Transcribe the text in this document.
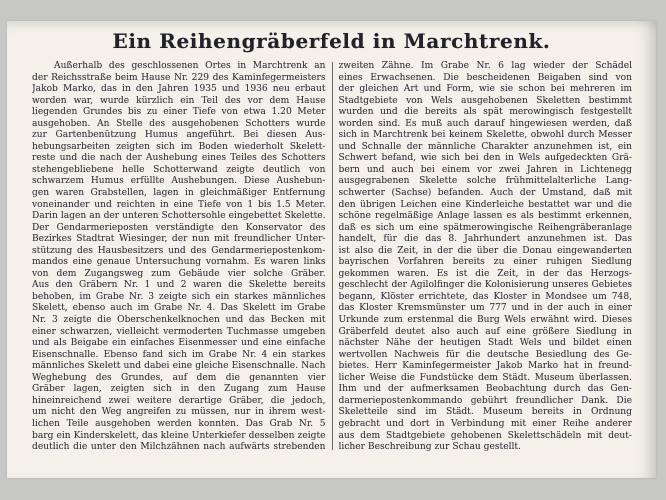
Ein Reihengräberfeld in Marchtrenk.
Außerhalb des geschlossenen Ortes in Marchtrenk an
der Reichsstraße beim Hause Nr. 229 des Kaminfegermeisters
Jakob Marko, das in den Jahren 1935 und 1936 neu erbaut
worden war, wurde kürzlich ein Teil des vor dem Hause
liegenden Grundes bis zu einer Tiefe von etwa 1.20 Meter
ausgehoben. An Stelle des ausgehobenen Schotters wurde
zur Gartenbenützung Humus angeführt. Bei diesen Aus-
hebungsarbeiten zeigten sich im Boden wiederholt Skelett-
reste und die nach der Aushebung eines Teiles des Schotters
stehengebliebene helle Schotterwand zeigte deutlich von
schwarzem Humus erfüllte Aushebungen. Diese Aushebun-
gen waren Grabstellen, lagen in gleichmäßiger Entfernung
voneinander und reichten in eine Tiefe von 1 bis 1.5 Meter.
Darin lagen an der unteren Schottersohle eingebettet Skelette.
Der Gendarmerieposten verständigte den Konservator des
Bezirkes Stadtrat Wiesinger, der nun mit freundlicher Unter-
stützung des Hausbesitzers und des Gendarmeriepostenkom-
mandos eine genaue Untersuchung vornahm. Es waren links
von dem Zugangsweg zum Gebäude vier solche Gräber.
Aus den Gräbern Nr. 1 und 2 waren die Skelette bereits
behoben, im Grabe Nr. 3 zeigte sich ein starkes männliches
Skelett, ebenso auch im Grabe Nr. 4. Das Skelett im Grabe
Nr. 3 zeigte die Oberschenkelknochen und das Becken mit
einer schwarzen, vielleicht vermoderten Tuchmasse umgeben
und als Beigabe ein einfaches Eisenmesser und eine einfache
Eisenschnalle. Ebenso fand sich im Grabe Nr. 4 ein starkes
männliches Skelett und dabei eine gleiche Eisenschnalle. Nach
Weghebung des Grundes, auf dem die genannten vier
Gräber lagen, zeigten sich in den Zugang zum Hause
hineinreichend zwei weitere derartige Gräber, die jedoch,
um nicht den Weg angreifen zu müssen, nur in ihrem west-
lichen Teile ausgehoben werden konnten. Das Grab Nr. 5
barg ein Kinderskelett, das kleine Unterkiefer desselben zeigte
deutlich die unter den Milchzähnen nach aufwärts strebenden
zweiten Zähne. Im Grabe Nr. 6 lag wieder der Schädel
eines Erwachsenen. Die bescheidenen Beigaben sind von
der gleichen Art und Form, wie sie schon bei mehreren im
Stadtgebiete von Wels ausgehobenen Skeletten bestimmt
wurden und die bereits als spät merowingisch festgestellt
worden sind. Es muß auch darauf hingewiesen werden, daß
sich in Marchtrenk bei keinem Skelette, obwohl durch Messer
und Schnalle der männliche Charakter anzunehmen ist, ein
Schwert befand, wie sich bei den in Wels aufgedeckten Grä-
bern und auch bei einem vor zwei Jahren in Lichtenegg
ausgegrabenen Skelette solche frühmittelalterliche Lang-
schwerter (Sachse) befanden. Auch der Umstand, daß mit
den übrigen Leichen eine Kinderleiche bestattet war und die
schöne regelmäßige Anlage lassen es als bestimmt erkennen,
daß es sich um eine spätmerowingische Reihengräberanlage
handelt, für die das 8. Jahrhundert anzunehmen ist. Das
ist also die Zeit, in der die über die Donau eingewanderten
bayrischen Vorfahren bereits zu einer ruhigen Siedlung
gekommen waren. Es ist die Zeit, in der das Herzogs-
geschlecht der Agilolfinger die Kolonisierung unseres Gebietes
begann, Klöster errichtete, das Kloster in Mondsee um 748,
das Kloster Kremsmünster um 777 und in der auch in einer
Urkunde zum erstenmal die Burg Wels erwähnt wird. Dieses
Gräberfeld deutet also auch auf eine größere Siedlung in
nächster Nähe der heutigen Stadt Wels und bildet einen
wertvollen Nachweis für die deutsche Besiedlung des Ge-
bietes. Herr Kaminfegermeister Jakob Marko hat in freund-
licher Weise die Fundstücke dem Städt. Museum überlassen.
Ihm und der aufmerksamen Beobachtung durch das Gen-
darmeriepostenkommando gebührt freundlicher Dank. Die
Skeletteile sind im Städt. Museum bereits in Ordnung
gebracht und dort in Verbindung mit einer Reihe anderer
aus dem Stadtgebiete gehobenen Skelettschädeln mit deut-
licher Beschreibung zur Schau gestellt.
